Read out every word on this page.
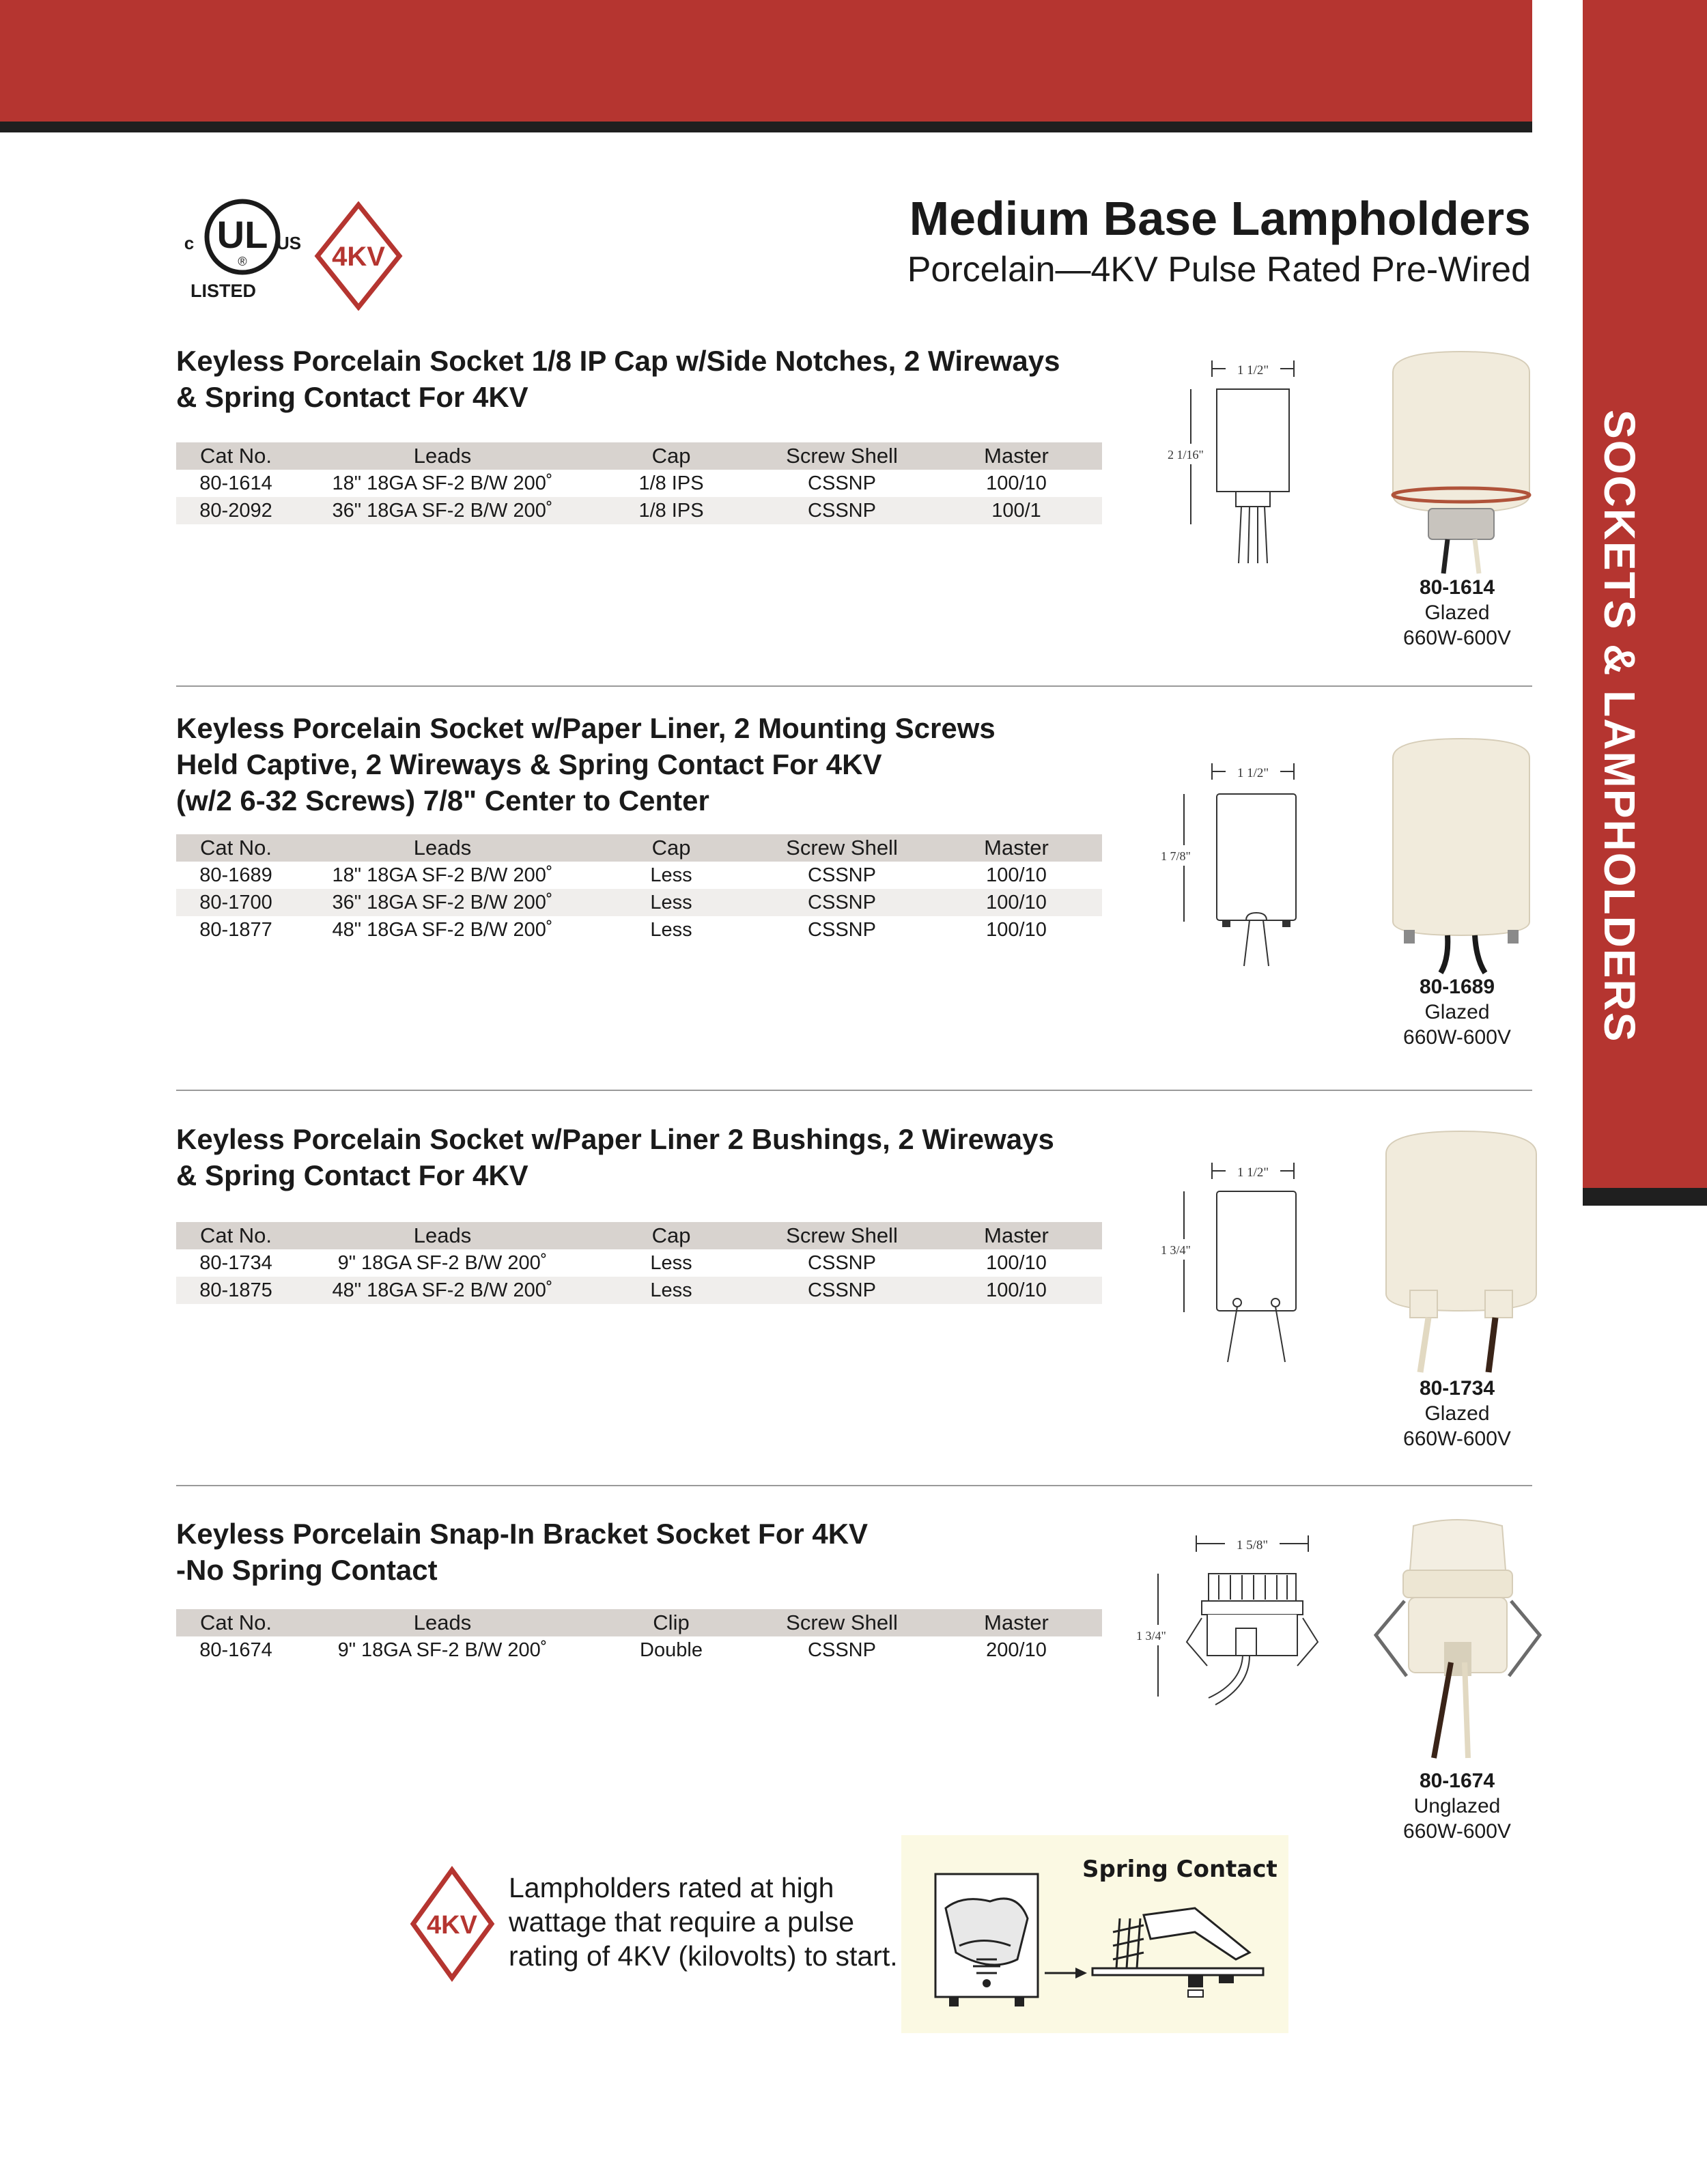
SOCKETS & LAMPHOLDERS
UL
®
c	US
LISTED
4KV
Medium Base Lampholders
Porcelain—4KV Pulse Rated Pre-Wired
Keyless Porcelain Socket 1/8 IP Cap w/Side Notches, 2 Wireways
& Spring Contact For 4KV
Cat No.	Leads	Cap	Screw Shell	Master
80-1614	18" 18GA SF-2 B/W 200˚	1/8 IPS	CSSNP	100/10
80-2092	36" 18GA SF-2 B/W 200˚	1/8 IPS	CSSNP	100/1
1 1/2"
2 1/16"
80-1614
Glazed
660W-600V
Keyless Porcelain Socket w/Paper Liner, 2 Mounting Screws
Held Captive, 2 Wireways & Spring Contact For 4KV
(w/2 6-32 Screws) 7/8" Center to Center
Cat No.	Leads	Cap	Screw Shell	Master
80-1689	18" 18GA SF-2 B/W 200˚	Less	CSSNP	100/10
80-1700	36" 18GA SF-2 B/W 200˚	Less	CSSNP	100/10
80-1877	48" 18GA SF-2 B/W 200˚	Less	CSSNP	100/10
1 1/2"
1 7/8"
80-1689
Glazed
660W-600V
Keyless Porcelain Socket w/Paper Liner 2 Bushings, 2 Wireways
& Spring Contact For 4KV
Cat No.	Leads	Cap	Screw Shell	Master
80-1734	9" 18GA SF-2 B/W 200˚	Less	CSSNP	100/10
80-1875	48" 18GA SF-2 B/W 200˚	Less	CSSNP	100/10
1 1/2"
1 3/4"
80-1734
Glazed
660W-600V
Keyless Porcelain Snap-In Bracket Socket For 4KV
-No Spring Contact
Cat No.	Leads	Clip	Screw Shell	Master
80-1674	9" 18GA SF-2 B/W 200˚	Double	CSSNP	200/10
1 5/8"
1 3/4"
80-1674
Unglazed
660W-600V
4KV
Lampholders rated at high
wattage that require a pulse
rating of 4KV (kilovolts) to start.
Spring Contact
